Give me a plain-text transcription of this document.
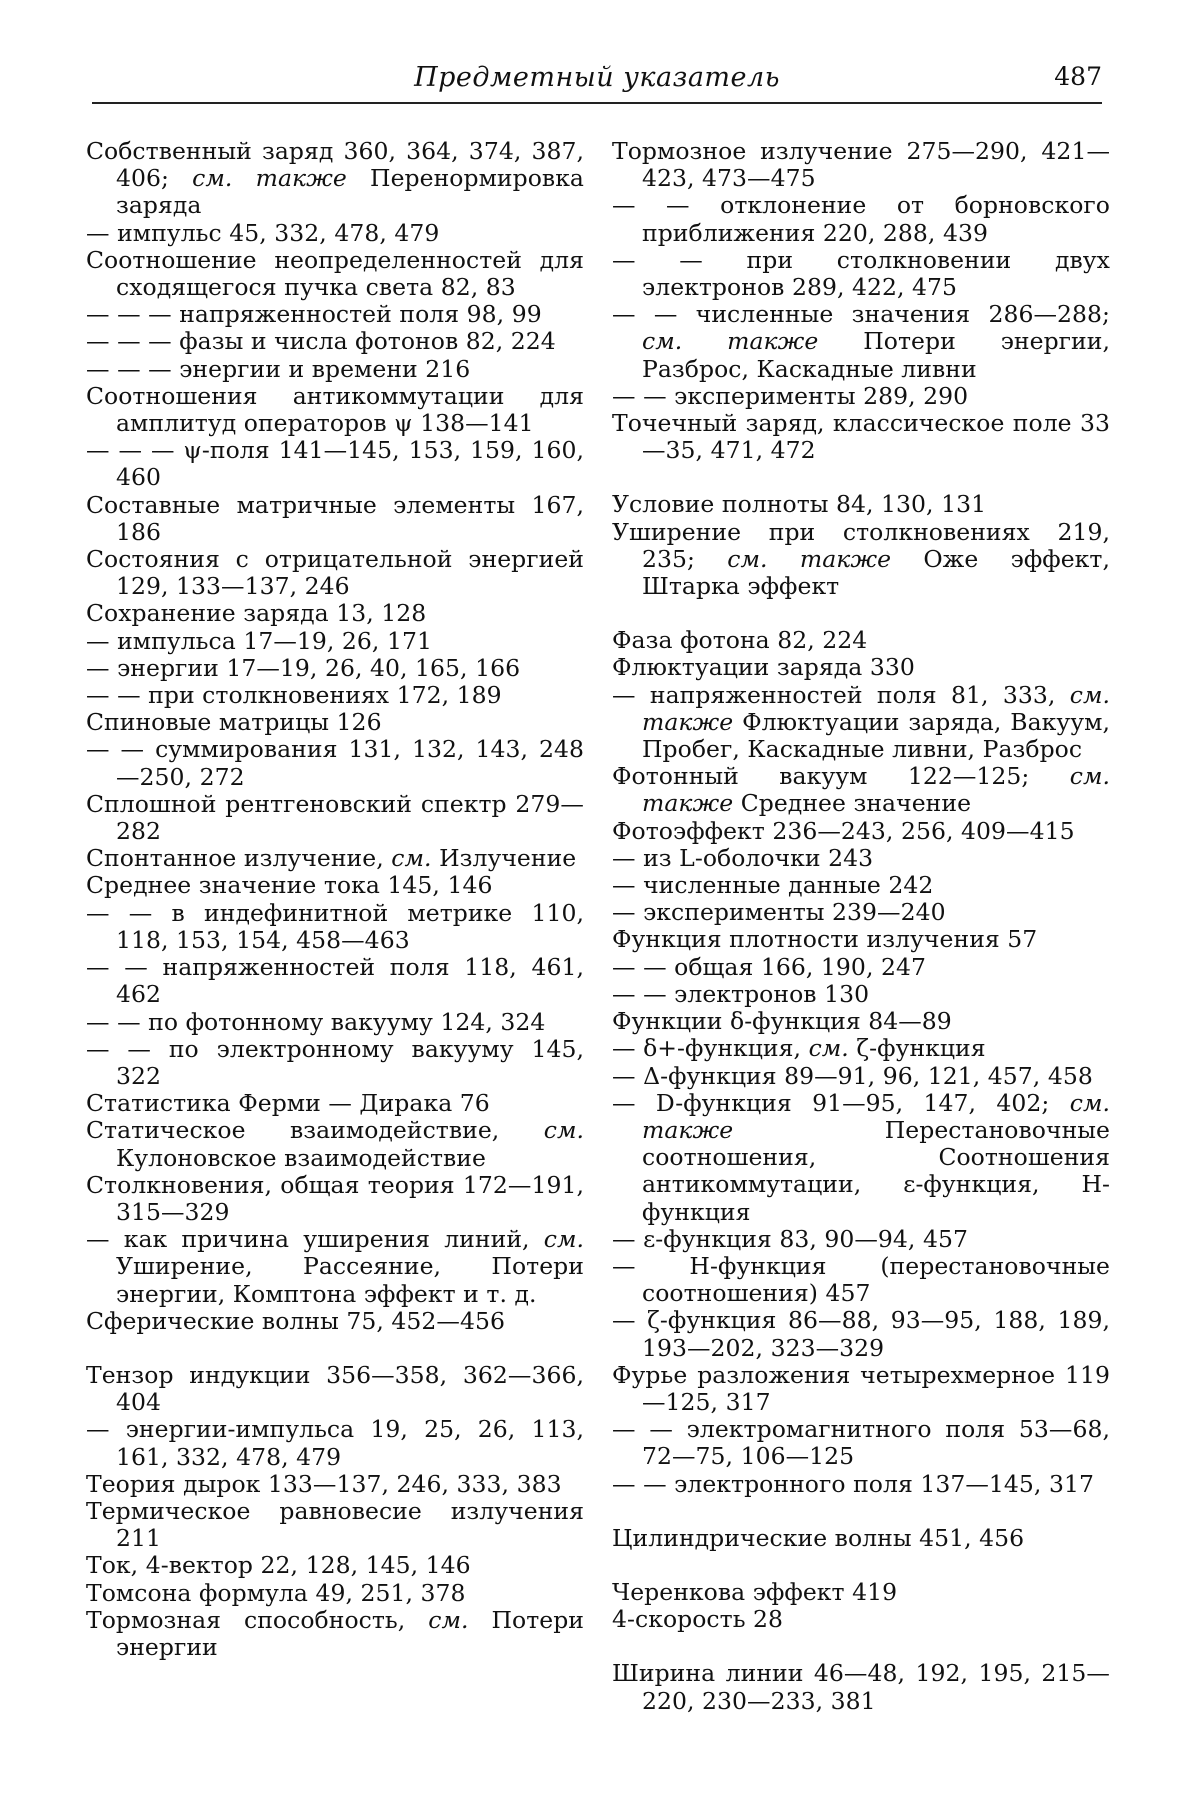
Предметный указатель	487

Собственный заряд 360, 364, 374, 387, 406; см. также Перенормировка заряда

— импульс 45, 332, 478, 479

Соотношение неопределенностей для сходящегося пучка света 82, 83

— — — напряженностей поля 98, 99

— — — фазы и числа фотонов 82, 224

— — — энергии и времени 216

Соотношения антикоммутации для амплитуд операторов ψ 138—141

— — — ψ-поля 141—145, 153, 159, 160, 460

Составные матричные элементы 167, 186

Состояния с отрицательной энергией 129, 133—137, 246

Сохранение заряда 13, 128

— импульса 17—19, 26, 171

— энергии 17—19, 26, 40, 165, 166

— — при столкновениях 172, 189

Спиновые матрицы 126

— — суммирования 131, 132, 143, 248—250, 272

Сплошной рентгеновский спектр 279—282

Спонтанное излучение, см. Излучение

Среднее значение тока 145, 146

— — в индефинитной метрике 110, 118, 153, 154, 458—463

— — напряженностей поля 118, 461, 462

— — по фотонному вакууму 124, 324

— — по электронному вакууму 145, 322

Статистика Ферми — Дирака 76

Статическое взаимодействие, см. Кулоновское взаимодействие

Столкновения, общая теория 172—191, 315—329

— как причина уширения линий, см. Уширение, Рассеяние, Потери энергии, Комптона эффект и т. д.

Сферические волны 75, 452—456

Тензор индукции 356—358, 362—366, 404

— энергии-импульса 19, 25, 26, 113, 161, 332, 478, 479

Теория дырок 133—137, 246, 333, 383

Термическое равновесие излучения 211

Ток, 4-вектор 22, 128, 145, 146

Томсона формула 49, 251, 378

Тормозная способность, см. Потери энергии

Тормозное излучение 275—290, 421—423, 473—475

— — отклонение от борновского приближения 220, 288, 439

— — при столкновении двух электронов 289, 422, 475

— — численные значения 286—288; см. также Потери энергии, Разброс, Каскадные ливни

— — эксперименты 289, 290

Точечный заряд, классическое поле 33—35, 471, 472

Условие полноты 84, 130, 131

Уширение при столкновениях 219, 235; см. также Оже эффект, Штарка эффект

Фаза фотона 82, 224

Флюктуации заряда 330

— напряженностей поля 81, 333, см. также Флюктуации заряда, Вакуум, Пробег, Каскадные ливни, Разброс

Фотонный вакуум 122—125; см. также Среднее значение

Фотоэффект 236—243, 256, 409—415

— из L-оболочки 243

— численные данные 242

— эксперименты 239—240

Функция плотности излучения 57

— — общая 166, 190, 247

— — электронов 130

Функции δ-функция 84—89

— δ+-функция, см. ζ-функция

— Δ-функция 89—91, 96, 121, 457, 458

— D-функция 91—95, 147, 402; см. также Перестановочные соотношения, Соотношения антикоммутации, ε-функция, H-функция

— ε-функция 83, 90—94, 457

— H-функция (перестановочные соотношения) 457

— ζ-функция 86—88, 93—95, 188, 189, 193—202, 323—329

Фурье разложения четырехмерное 119—125, 317

— — электромагнитного поля 53—68, 72—75, 106—125

— — электронного поля 137—145, 317

Цилиндрические волны 451, 456

Черенкова эффект 419

4-скорость 28

Ширина линии 46—48, 192, 195, 215—220, 230—233, 381
